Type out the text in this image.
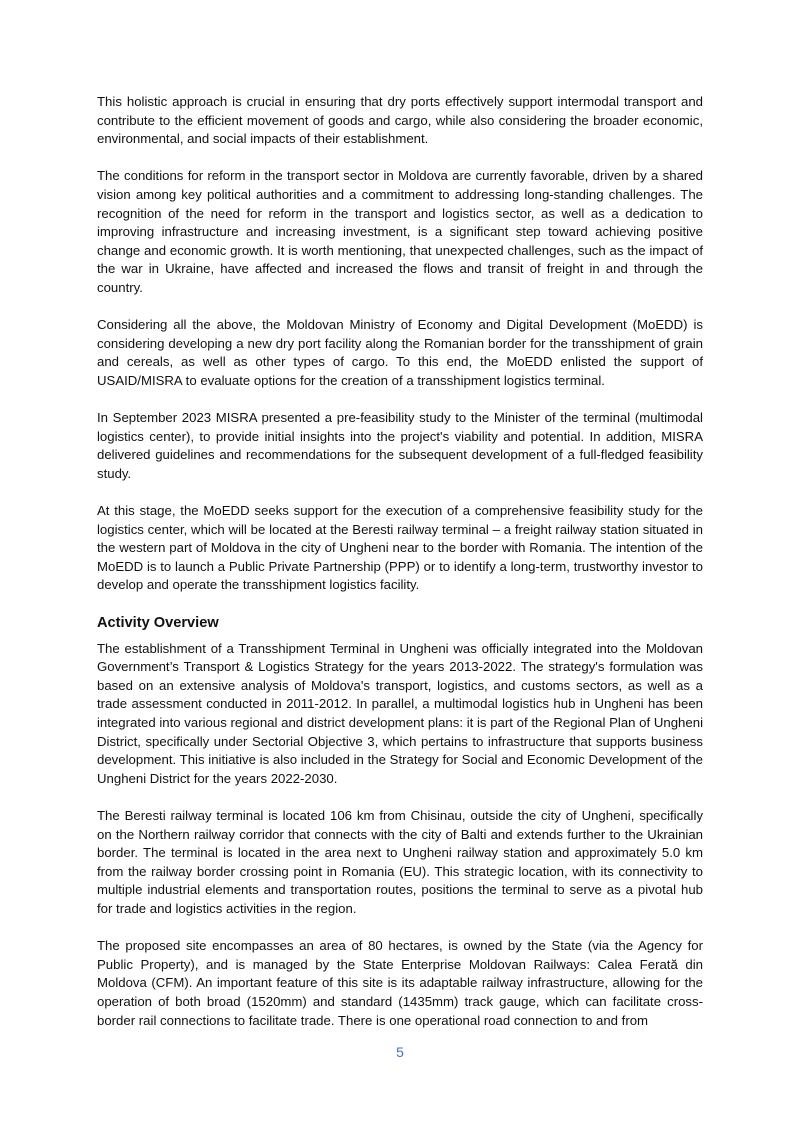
This holistic approach is crucial in ensuring that dry ports effectively support intermodal transport and contribute to the efficient movement of goods and cargo, while also considering the broader economic, environmental, and social impacts of their establishment.

The conditions for reform in the transport sector in Moldova are currently favorable, driven by a shared vision among key political authorities and a commitment to addressing long-standing challenges. The recognition of the need for reform in the transport and logistics sector, as well as a dedication to improving infrastructure and increasing investment, is a significant step toward achieving positive change and economic growth. It is worth mentioning, that unexpected challenges, such as the impact of the war in Ukraine, have affected and increased the flows and transit of freight in and through the country.

Considering all the above, the Moldovan Ministry of Economy and Digital Development (MoEDD) is considering developing a new dry port facility along the Romanian border for the transshipment of grain and cereals, as well as other types of cargo. To this end, the MoEDD enlisted the support of USAID/MISRA to evaluate options for the creation of a transshipment logistics terminal.

In September 2023 MISRA presented a pre-feasibility study to the Minister of the terminal (multimodal logistics center), to provide initial insights into the project's viability and potential. In addition, MISRA delivered guidelines and recommendations for the subsequent development of a full-fledged feasibility study.

At this stage, the MoEDD seeks support for the execution of a comprehensive feasibility study for the logistics center, which will be located at the Beresti railway terminal – a freight railway station situated in the western part of Moldova in the city of Ungheni near to the border with Romania. The intention of the MoEDD is to launch a Public Private Partnership (PPP) or to identify a long-term, trustworthy investor to develop and operate the transshipment logistics facility.

Activity Overview

The establishment of a Transshipment Terminal in Ungheni was officially integrated into the Moldovan Government’s Transport & Logistics Strategy for the years 2013-2022. The strategy's formulation was based on an extensive analysis of Moldova's transport, logistics, and customs sectors, as well as a trade assessment conducted in 2011-2012. In parallel, a multimodal logistics hub in Ungheni has been integrated into various regional and district development plans: it is part of the Regional Plan of Ungheni District, specifically under Sectorial Objective 3, which pertains to infrastructure that supports business development. This initiative is also included in the Strategy for Social and Economic Development of the Ungheni District for the years 2022-2030.

The Beresti railway terminal is located 106 km from Chisinau, outside the city of Ungheni, specifically on the Northern railway corridor that connects with the city of Balti and extends further to the Ukrainian border. The terminal is located in the area next to Ungheni railway station and approximately 5.0 km from the railway border crossing point in Romania (EU). This strategic location, with its connectivity to multiple industrial elements and transportation routes, positions the terminal to serve as a pivotal hub for trade and logistics activities in the region.

The proposed site encompasses an area of 80 hectares, is owned by the State (via the Agency for Public Property), and is managed by the State Enterprise Moldovan Railways: Calea Ferată din Moldova (CFM). An important feature of this site is its adaptable railway infrastructure, allowing for the operation of both broad (1520mm) and standard (1435mm) track gauge, which can facilitate cross-border rail connections to facilitate trade. There is one operational road connection to and from

5
